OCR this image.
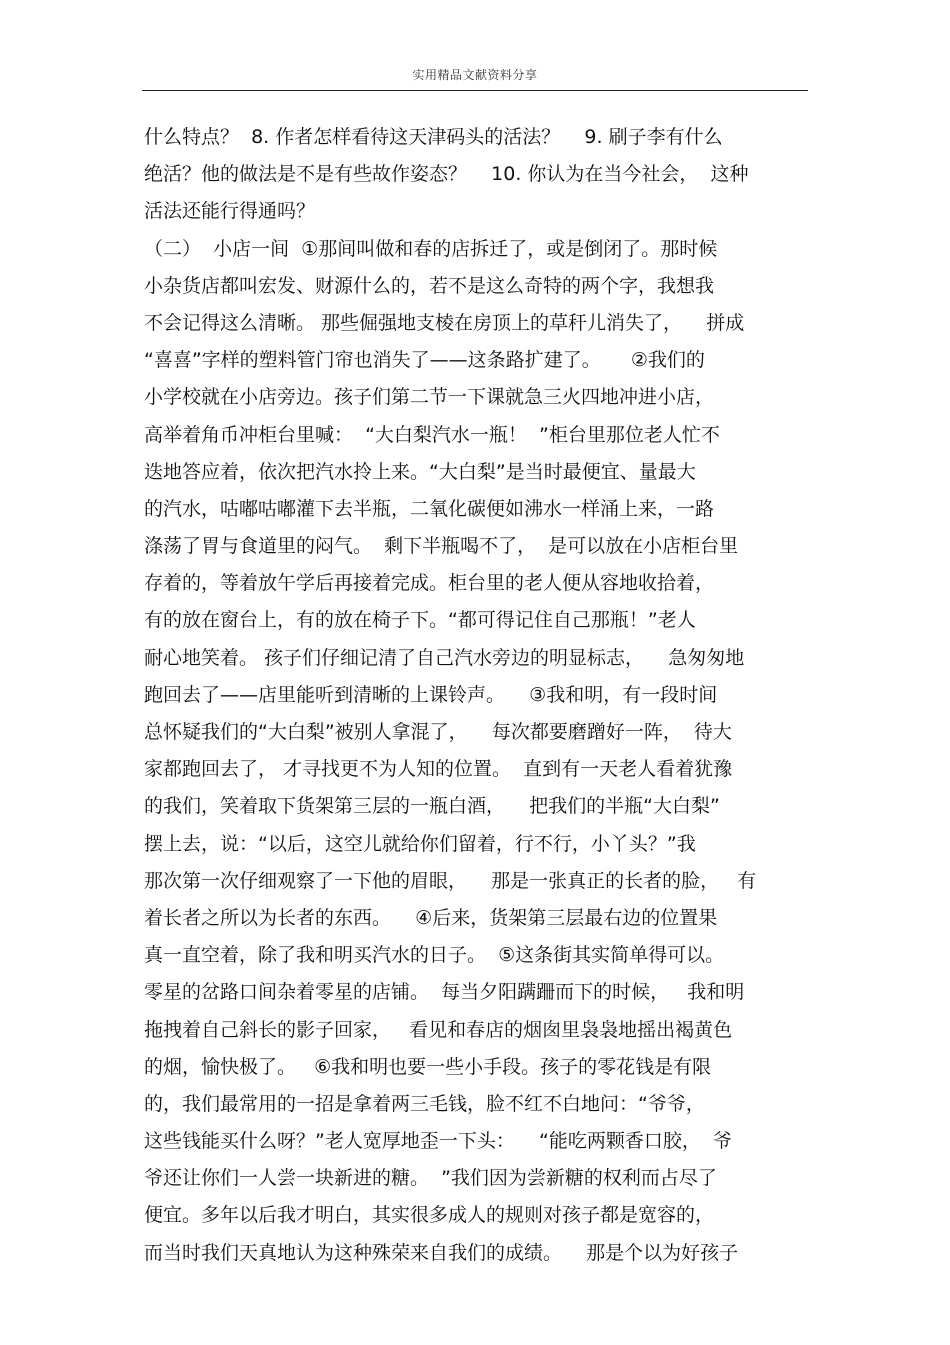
实用精品文献资料分享
什么特点？  8. 作者怎样看待这天津码头的活法？    9. 刷子李有什么
绝活？他的做法是不是有些故作姿态？    10. 你认为在当今社会，  这种
活法还能行得通吗？
（二）  小店一间  ①那间叫做和春的店拆迁了，或是倒闭了。那时候
小杂货店都叫宏发、财源什么的，若不是这么奇特的两个字，我想我
不会记得这么清晰。 那些倔强地支棱在房顶上的草秆儿消失了，    拼成
“喜喜”字样的塑料管门帘也消失了——这条路扩建了。     ②我们的
小学校就在小店旁边。孩子们第二节一下课就急三火四地冲进小店，
高举着角币冲柜台里喊：  “大白梨汽水一瓶！  ”柜台里那位老人忙不
迭地答应着，依次把汽水拎上来。“大白梨”是当时最便宜、量最大
的汽水，咕嘟咕嘟灌下去半瓶，二氧化碳便如沸水一样涌上来，一路
涤荡了胃与食道里的闷气。  剩下半瓶喝不了，  是可以放在小店柜台里
存着的，等着放午学后再接着完成。柜台里的老人便从容地收拾着，
有的放在窗台上，有的放在椅子下。“都可得记住自己那瓶！”老人
耐心地笑着。 孩子们仔细记清了自己汽水旁边的明显标志，    急匆匆地
跑回去了——店里能听到清晰的上课铃声。    ③我和明，有一段时间
总怀疑我们的“大白梨”被别人拿混了，    每次都要磨蹭好一阵，  待大
家都跑回去了， 才寻找更不为人知的位置。  直到有一天老人看着犹豫
的我们，笑着取下货架第三层的一瓶白酒，    把我们的半瓶“大白梨”
摆上去，说：“以后，这空儿就给你们留着，行不行，小丫头？”我
那次第一次仔细观察了一下他的眉眼，    那是一张真正的长者的脸，   有
着长者之所以为长者的东西。    ④后来，货架第三层最右边的位置果
真一直空着，除了我和明买汽水的日子。  ⑤这条街其实简单得可以。
零星的岔路口间杂着零星的店铺。  每当夕阳蹒跚而下的时候，   我和明
拖拽着自己斜长的影子回家，   看见和春店的烟囱里袅袅地摇出褐黄色
的烟，愉快极了。   ⑥我和明也要一些小手段。孩子的零花钱是有限
的，我们最常用的一招是拿着两三毛钱，脸不红不白地问：“爷爷，
这些钱能买什么呀？”老人宽厚地歪一下头：    “能吃两颗香口胶，  爷
爷还让你们一人尝一块新进的糖。  ”我们因为尝新糖的权利而占尽了
便宜。多年以后我才明白，其实很多成人的规则对孩子都是宽容的，
而当时我们天真地认为这种殊荣来自我们的成绩。    那是个以为好孩子
